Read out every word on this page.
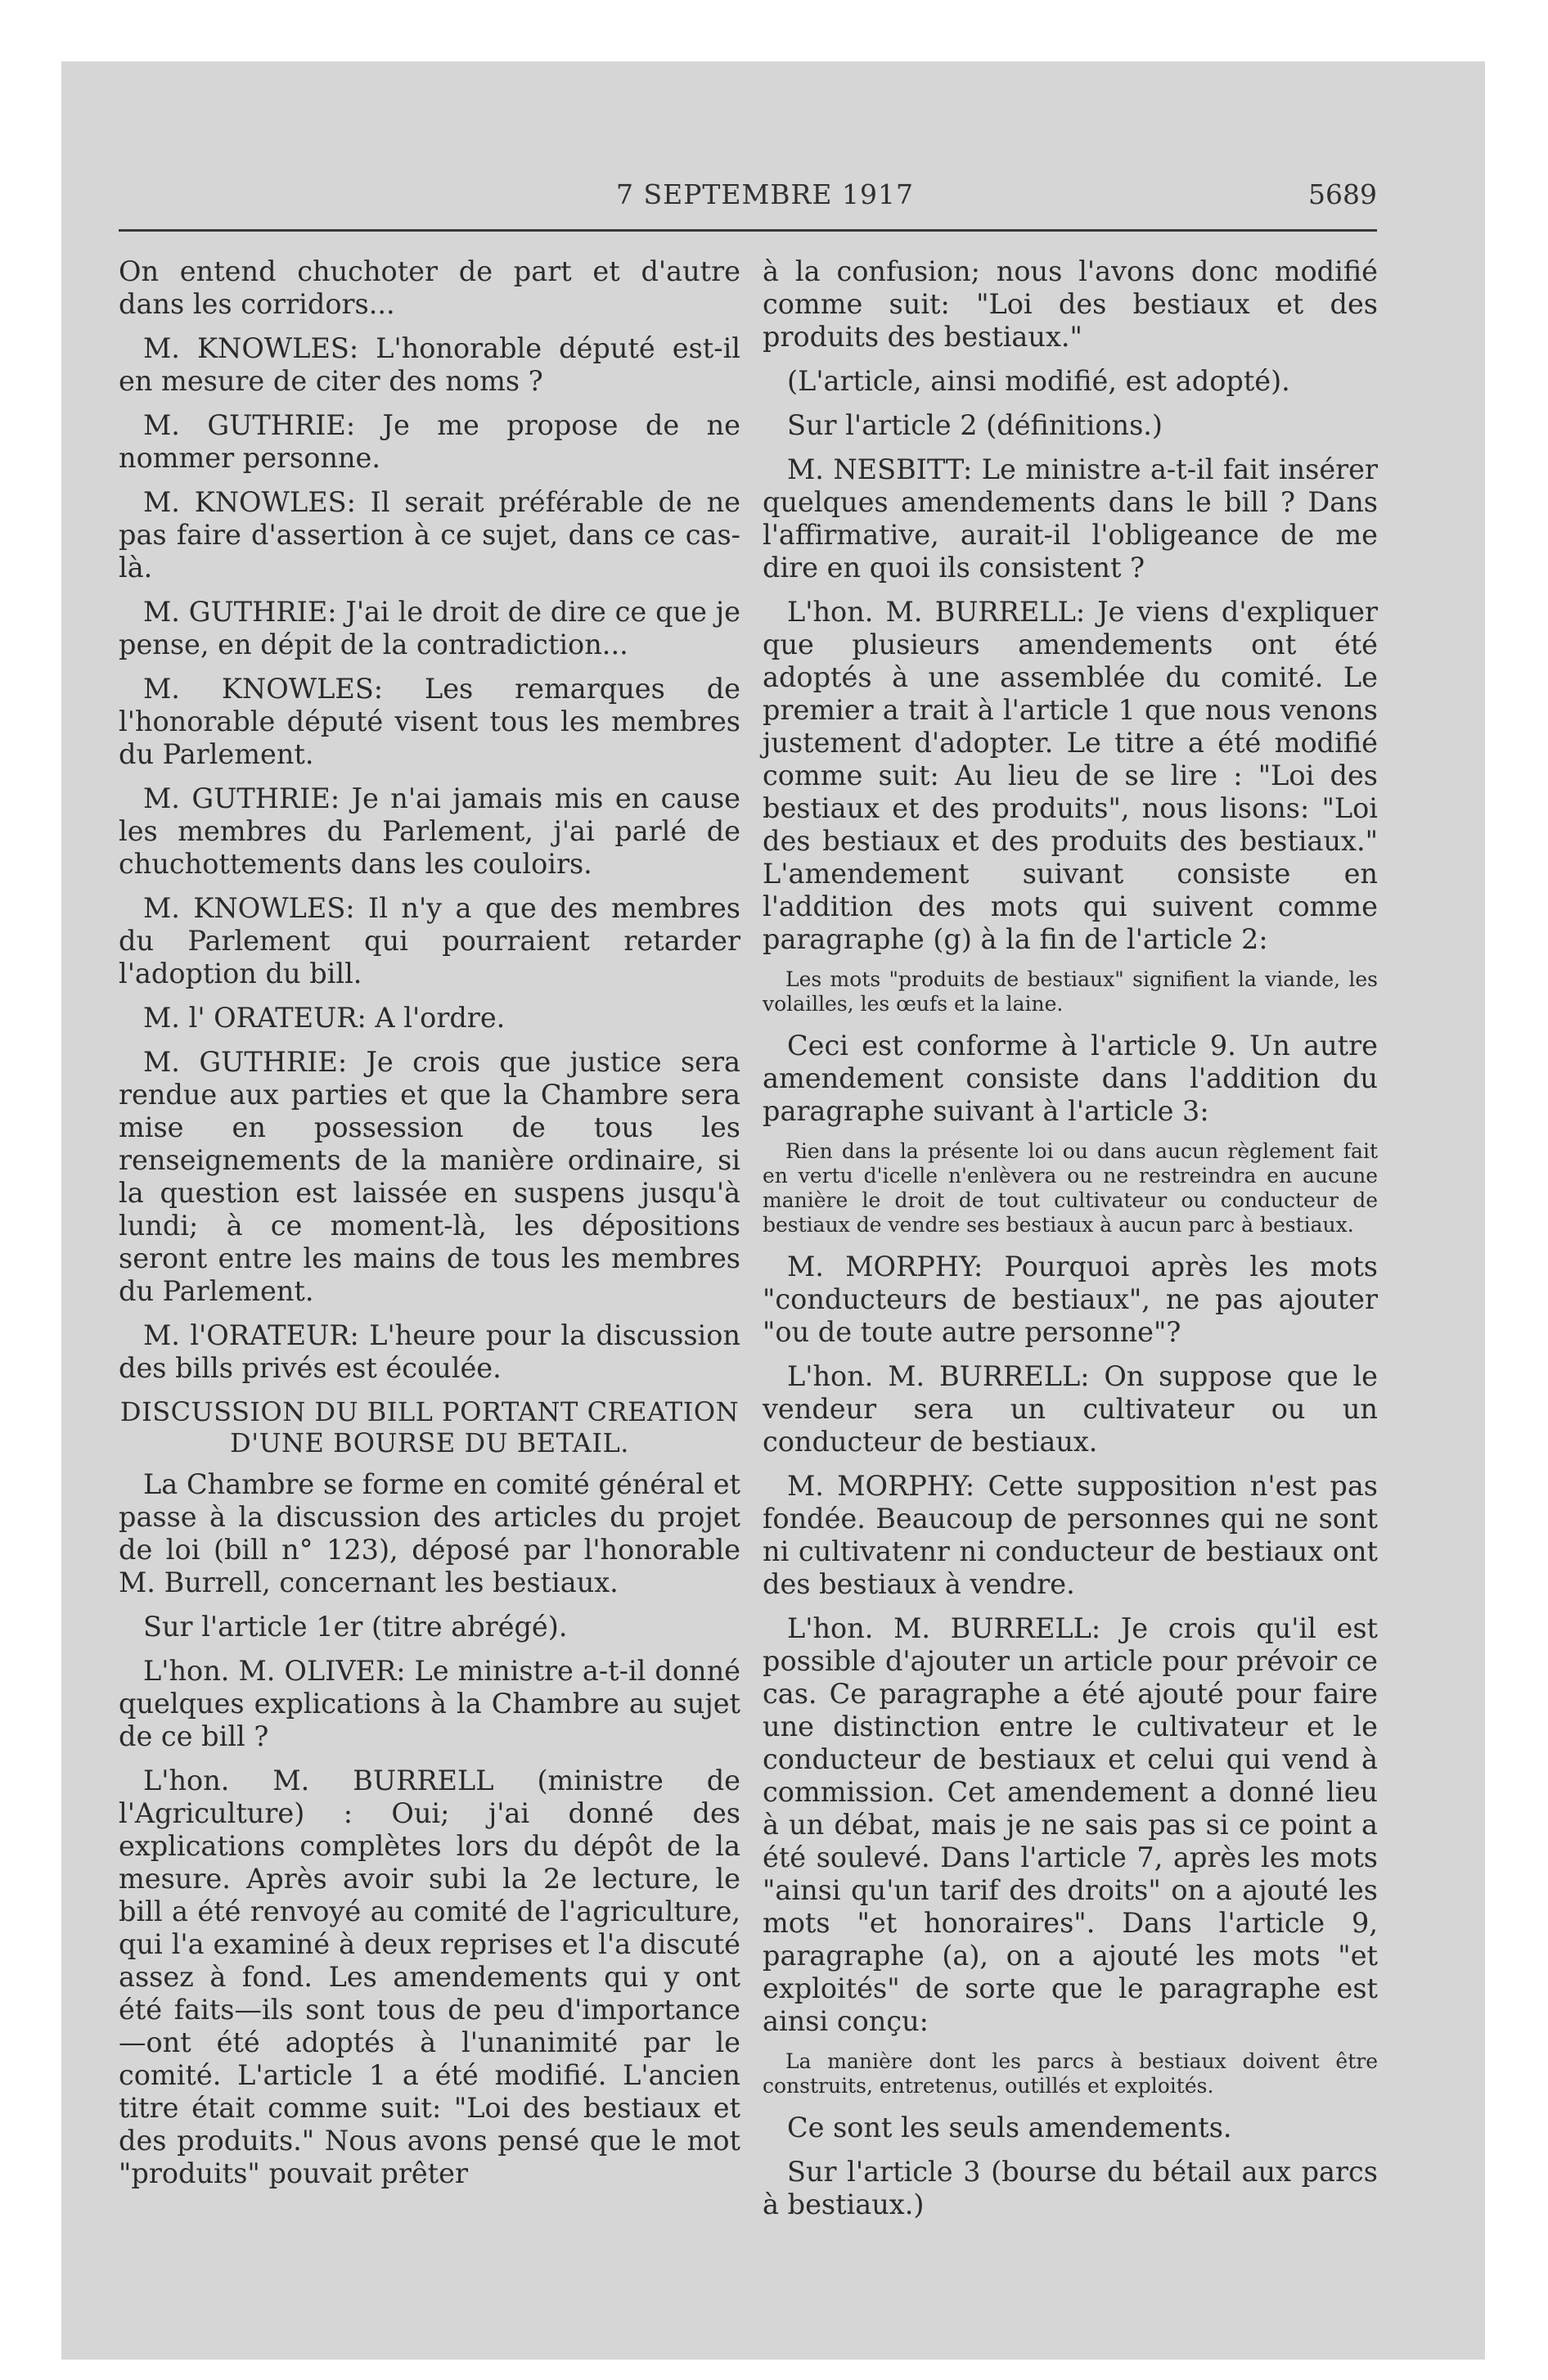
7 SEPTEMBRE 1917	5689

On entend chuchoter de part et d'autre dans les corridors...

M. KNOWLES: L'honorable député est-il en mesure de citer des noms ?

M. GUTHRIE: Je me propose de ne nommer personne.

M. KNOWLES: Il serait préférable de ne pas faire d'assertion à ce sujet, dans ce cas-là.

M. GUTHRIE: J'ai le droit de dire ce que je pense, en dépit de la contradiction...

M. KNOWLES: Les remarques de l'honorable député visent tous les membres du Parlement.

M. GUTHRIE: Je n'ai jamais mis en cause les membres du Parlement, j'ai parlé de chuchottements dans les couloirs.

M. KNOWLES: Il n'y a que des membres du Parlement qui pourraient retarder l'adoption du bill.

M. l' ORATEUR: A l'ordre.

M. GUTHRIE: Je crois que justice sera rendue aux parties et que la Chambre sera mise en possession de tous les renseignements de la manière ordinaire, si la question est laissée en suspens jusqu'à lundi; à ce moment-là, les dépositions seront entre les mains de tous les membres du Parlement.

M. l'ORATEUR: L'heure pour la discussion des bills privés est écoulée.

DISCUSSION DU BILL PORTANT CREATION D'UNE BOURSE DU BETAIL.

La Chambre se forme en comité général et passe à la discussion des articles du projet de loi (bill n° 123), déposé par l'honorable M. Burrell, concernant les bestiaux.

Sur l'article 1er (titre abrégé).

L'hon. M. OLIVER: Le ministre a-t-il donné quelques explications à la Chambre au sujet de ce bill ?

L'hon. M. BURRELL (ministre de l'Agriculture) : Oui; j'ai donné des explications complètes lors du dépôt de la mesure. Après avoir subi la 2e lecture, le bill a été renvoyé au comité de l'agriculture, qui l'a examiné à deux reprises et l'a discuté assez à fond. Les amendements qui y ont été faits—ils sont tous de peu d'importance—ont été adoptés à l'unanimité par le comité. L'article 1 a été modifié. L'ancien titre était comme suit: "Loi des bestiaux et des produits." Nous avons pensé que le mot "produits" pouvait prêter

à la confusion; nous l'avons donc modifié comme suit: "Loi des bestiaux et des produits des bestiaux."

(L'article, ainsi modifié, est adopté).

Sur l'article 2 (définitions.)

M. NESBITT: Le ministre a-t-il fait insérer quelques amendements dans le bill ? Dans l'affirmative, aurait-il l'obligeance de me dire en quoi ils consistent ?

L'hon. M. BURRELL: Je viens d'expliquer que plusieurs amendements ont été adoptés à une assemblée du comité. Le premier a trait à l'article 1 que nous venons justement d'adopter. Le titre a été modifié comme suit: Au lieu de se lire : "Loi des bestiaux et des produits", nous lisons: "Loi des bestiaux et des produits des bestiaux." L'amendement suivant consiste en l'addition des mots qui suivent comme paragraphe (g) à la fin de l'article 2:

Les mots "produits de bestiaux" signifient la viande, les volailles, les œufs et la laine.

Ceci est conforme à l'article 9. Un autre amendement consiste dans l'addition du paragraphe suivant à l'article 3:

Rien dans la présente loi ou dans aucun règlement fait en vertu d'icelle n'enlèvera ou ne restreindra en aucune manière le droit de tout cultivateur ou conducteur de bestiaux de vendre ses bestiaux à aucun parc à bestiaux.

M. MORPHY: Pourquoi après les mots "conducteurs de bestiaux", ne pas ajouter "ou de toute autre personne"?

L'hon. M. BURRELL: On suppose que le vendeur sera un cultivateur ou un conducteur de bestiaux.

M. MORPHY: Cette supposition n'est pas fondée. Beaucoup de personnes qui ne sont ni cultivatenr ni conducteur de bestiaux ont des bestiaux à vendre.

L'hon. M. BURRELL: Je crois qu'il est possible d'ajouter un article pour prévoir ce cas. Ce paragraphe a été ajouté pour faire une distinction entre le cultivateur et le conducteur de bestiaux et celui qui vend à commission. Cet amendement a donné lieu à un débat, mais je ne sais pas si ce point a été soulevé. Dans l'article 7, après les mots "ainsi qu'un tarif des droits" on a ajouté les mots "et honoraires". Dans l'article 9, paragraphe (a), on a ajouté les mots "et exploités" de sorte que le paragraphe est ainsi conçu:

La manière dont les parcs à bestiaux doivent être construits, entretenus, outillés et exploités.

Ce sont les seuls amendements.

Sur l'article 3 (bourse du bétail aux parcs à bestiaux.)
